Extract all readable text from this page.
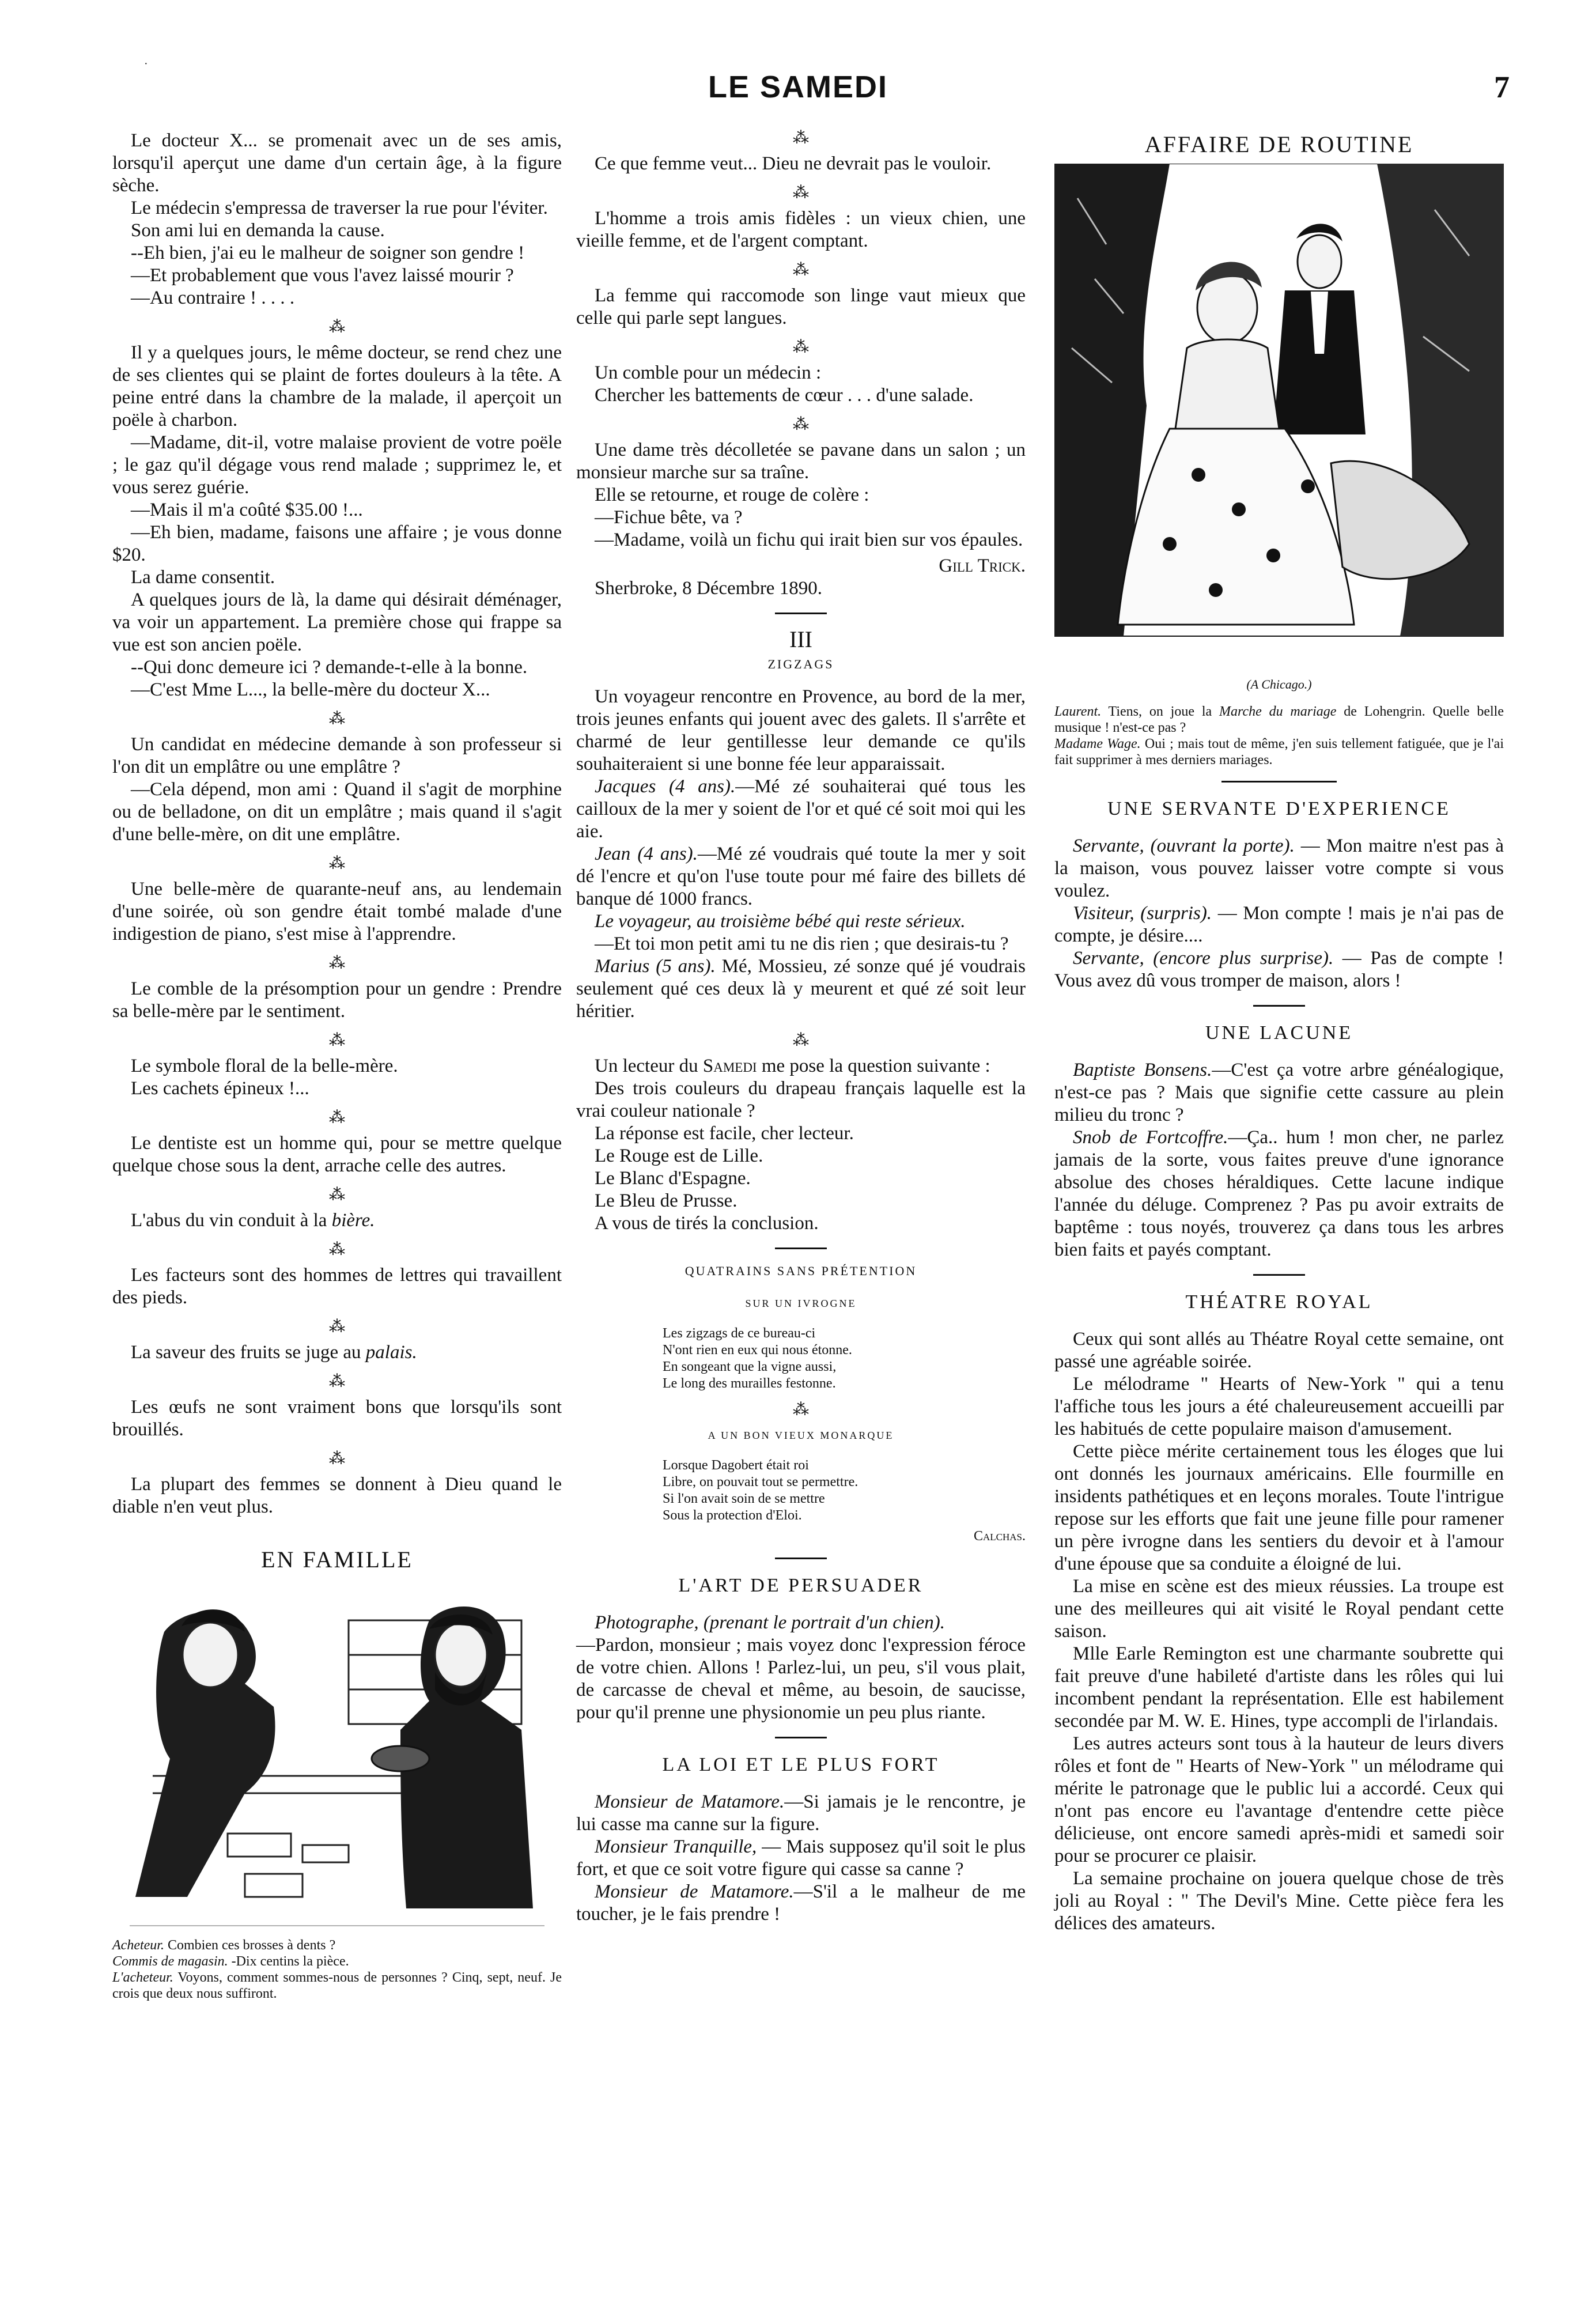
·
LE SAMEDI	7

Le docteur X... se promenait avec un de ses amis, lorsqu'il aperçut une dame d'un certain âge, à la figure sèche.

Le médecin s'empressa de traverser la rue pour l'éviter.

Son ami lui en demanda la cause.

--Eh bien, j'ai eu le malheur de soigner son gendre !

—Et probablement que vous l'avez laissé mourir ?

—Au contraire ! . . . .

⁂

Il y a quelques jours, le même docteur, se rend chez une de ses clientes qui se plaint de fortes douleurs à la tête. A peine entré dans la chambre de la malade, il aperçoit un poële à charbon.

—Madame, dit-il, votre malaise provient de votre poële ; le gaz qu'il dégage vous rend malade ; supprimez le, et vous serez guérie.

—Mais il m'a coûté $35.00 !...

—Eh bien, madame, faisons une affaire ; je vous donne $20.

La dame consentit.

A quelques jours de là, la dame qui désirait déménager, va voir un appartement. La première chose qui frappe sa vue est son ancien poële.

--Qui donc demeure ici ? demande-t-elle à la bonne.

—C'est Mme L..., la belle-mère du docteur X...

⁂

Un candidat en médecine demande à son professeur si l'on dit un emplâtre ou une emplâtre ?

—Cela dépend, mon ami : Quand il s'agit de morphine ou de belladone, on dit un emplâtre ; mais quand il s'agit d'une belle-mère, on dit une emplâtre.

⁂

Une belle-mère de quarante-neuf ans, au lendemain d'une soirée, où son gendre était tombé malade d'une indigestion de piano, s'est mise à l'apprendre.

⁂

Le comble de la présomption pour un gendre : Prendre sa belle-mère par le sentiment.

⁂

Le symbole floral de la belle-mère.

Les cachets épineux !...

⁂

Le dentiste est un homme qui, pour se mettre quelque quelque chose sous la dent, arrache celle des autres.

⁂

L'abus du vin conduit à la bière.

⁂

Les facteurs sont des hommes de lettres qui travaillent des pieds.

⁂

La saveur des fruits se juge au palais.

⁂

Les œufs ne sont vraiment bons que lorsqu'ils sont brouillés.

⁂

La plupart des femmes se donnent à Dieu quand le diable n'en veut plus.

EN FAMILLE
Acheteur. Combien ces brosses à dents ?
Commis de magasin. -Dix centins la pièce.
L'acheteur. Voyons, comment sommes-nous de personnes ? Cinq, sept, neuf. Je crois que deux nous suffiront.
⁂

Ce que femme veut... Dieu ne devrait pas le vouloir.

⁂

L'homme a trois amis fidèles : un vieux chien, une vieille femme, et de l'argent comptant.

⁂

La femme qui raccomode son linge vaut mieux que celle qui parle sept langues.

⁂

Un comble pour un médecin :

Chercher les battements de cœur . . . d'une salade.

⁂

Une dame très décolletée se pavane dans un salon ; un monsieur marche sur sa traîne.

Elle se retourne, et rouge de colère :

—Fichue bête, va ?

—Madame, voilà un fichu qui irait bien sur vos épaules.

Gill Trick.

Sherbroke, 8 Décembre 1890.

III
ZIGZAGS

Un voyageur rencontre en Provence, au bord de la mer, trois jeunes enfants qui jouent avec des galets. Il s'arrête et charmé de leur gentillesse leur demande ce qu'ils souhaiteraient si une bonne fée leur apparaissait.

Jacques (4 ans).—Mé zé souhaiterai qué tous les cailloux de la mer y soient de l'or et qué cé soit moi qui les aie.

Jean (4 ans).—Mé zé voudrais qué toute la mer y soit dé l'encre et qu'on l'use toute pour mé faire des billets dé banque dé 1000 francs.

Le voyageur, au troisième bébé qui reste sérieux.

—Et toi mon petit ami tu ne dis rien ; que desirais-tu ?

Marius (5 ans). Mé, Mossieu, zé sonze qué jé voudrais seulement qué ces deux là y meurent et qué zé soit leur héritier.

⁂

Un lecteur du Samedi me pose la question suivante :

Des trois couleurs du drapeau français laquelle est la vrai couleur nationale ?

La réponse est facile, cher lecteur.

Le Rouge est de Lille.

Le Blanc d'Espagne.

Le Bleu de Prusse.

A vous de tirés la conclusion.

QUATRAINS SANS PRÉTENTION
SUR UN IVROGNE
Les zigzags de ce bureau-ci
N'ont rien en eux qui nous étonne.
En songeant que la vigne aussi,
Le long des murailles festonne.
⁂
A UN BON VIEUX MONARQUE
Lorsque Dagobert était roi
Libre, on pouvait tout se permettre.
Si l'on avait soin de se mettre
Sous la protection d'Eloi.

Calchas.

L'ART DE PERSUADER

Photographe, (prenant le portrait d'un chien).

—Pardon, monsieur ; mais voyez donc l'expression féroce de votre chien. Allons ! Parlez-lui, un peu, s'il vous plait, de carcasse de cheval et même, au besoin, de saucisse, pour qu'il prenne une physionomie un peu plus riante.

LA LOI ET LE PLUS FORT

Monsieur de Matamore.—Si jamais je le rencontre, je lui casse ma canne sur la figure.

Monsieur Tranquille, — Mais supposez qu'il soit le plus fort, et que ce soit votre figure qui casse sa canne ?

Monsieur de Matamore.—S'il a le malheur de me toucher, je le fais prendre !

AFFAIRE DE ROUTINE
(A Chicago.)
Laurent. Tiens, on joue la Marche du mariage de Lohengrin. Quelle belle musique ! n'est-ce pas ?
Madame Wage. Oui ; mais tout de même, j'en suis tellement fatiguée, que je l'ai fait supprimer à mes derniers mariages.
UNE SERVANTE D'EXPERIENCE

Servante, (ouvrant la porte). — Mon maitre n'est pas à la maison, vous pouvez laisser votre compte si vous voulez.

Visiteur, (surpris). — Mon compte ! mais je n'ai pas de compte, je désire....

Servante, (encore plus surprise). — Pas de compte ! Vous avez dû vous tromper de maison, alors !

UNE LACUNE

Baptiste Bonsens.—C'est ça votre arbre généalogique, n'est-ce pas ? Mais que signifie cette cassure au plein milieu du tronc ?

Snob de Fortcoffre.—Ça.. hum ! mon cher, ne parlez jamais de la sorte, vous faites preuve d'une ignorance absolue des choses héraldiques. Cette lacune indique l'année du déluge. Comprenez ? Pas pu avoir extraits de baptême : tous noyés, trouverez ça dans tous les arbres bien faits et payés comptant.

THÉATRE ROYAL

Ceux qui sont allés au Théatre Royal cette semaine, ont passé une agréable soirée.

Le mélodrame " Hearts of New-York " qui a tenu l'affiche tous les jours a été chaleureusement accueilli par les habitués de cette populaire maison d'amusement.

Cette pièce mérite certainement tous les éloges que lui ont donnés les journaux américains. Elle fourmille en insidents pathétiques et en leçons morales. Toute l'intrigue repose sur les efforts que fait une jeune fille pour ramener un père ivrogne dans les sentiers du devoir et à l'amour d'une épouse que sa conduite a éloigné de lui.

La mise en scène est des mieux réussies. La troupe est une des meilleures qui ait visité le Royal pendant cette saison.

Mlle Earle Remington est une charmante soubrette qui fait preuve d'une habileté d'artiste dans les rôles qui lui incombent pendant la représentation. Elle est habilement secondée par M. W. E. Hines, type accompli de l'irlandais.

Les autres acteurs sont tous à la hauteur de leurs divers rôles et font de " Hearts of New-York " un mélodrame qui mérite le patronage que le public lui a accordé. Ceux qui n'ont pas encore eu l'avantage d'entendre cette pièce délicieuse, ont encore samedi après-midi et samedi soir pour se procurer ce plaisir.

La semaine prochaine on jouera quelque chose de très joli au Royal : " The Devil's Mine. Cette pièce fera les délices des amateurs.
